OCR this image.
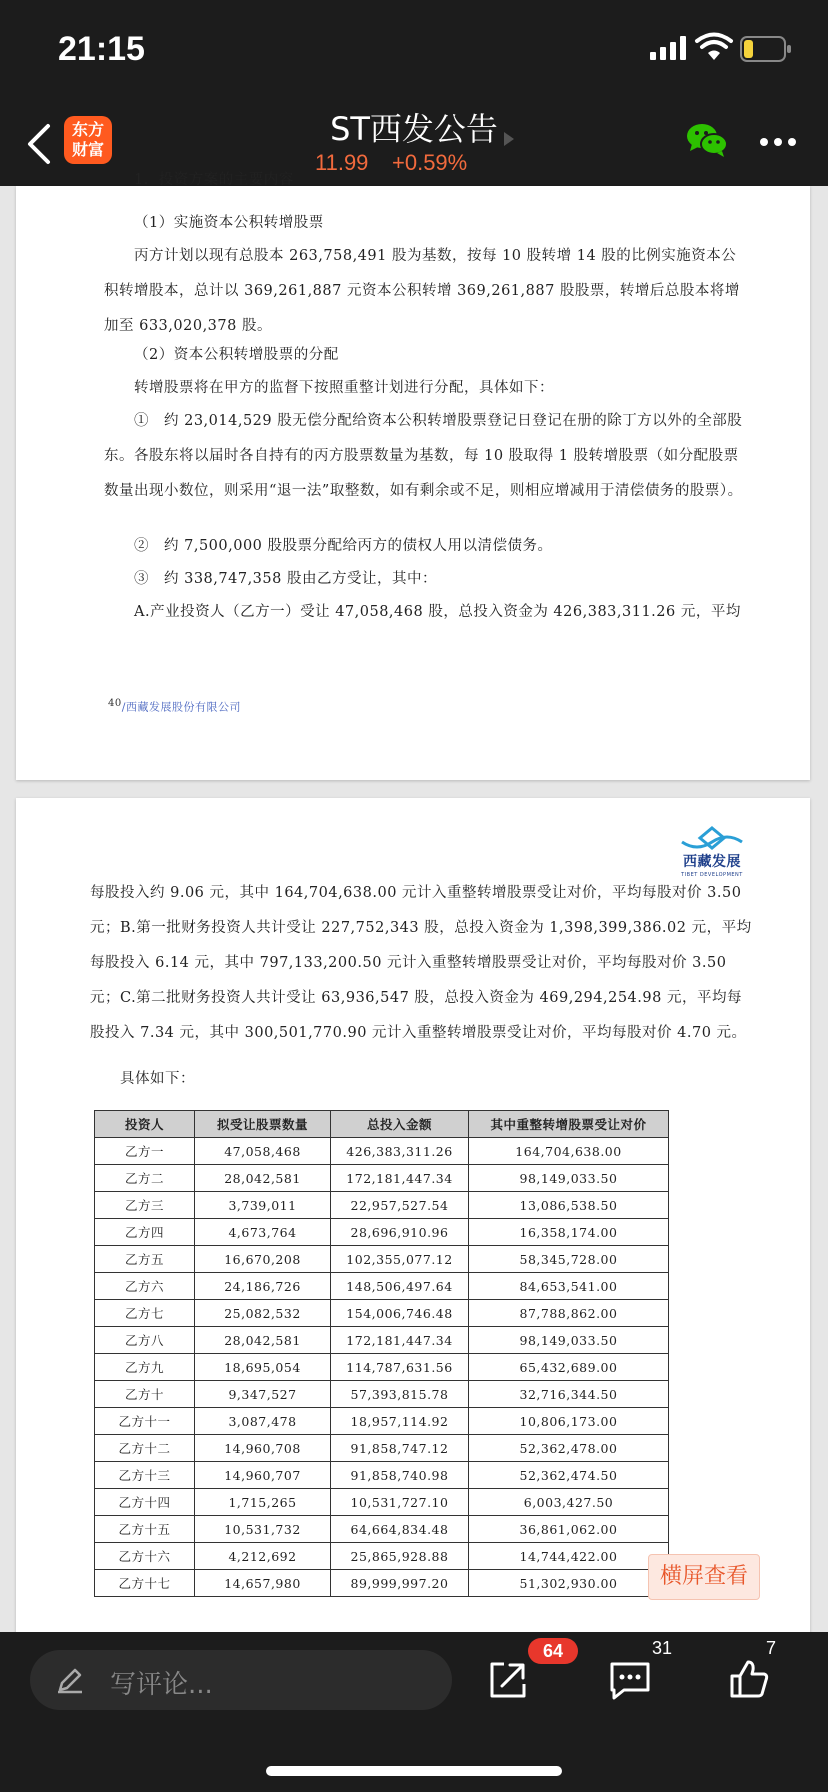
21:15
东方
财富
ST西发公告
11.99 +0.59%
1．投资方案的主要内容
（1）实施资本公积转增股票
丙方计划以现有总股本 263,758,491 股为基数，按每 10 股转增 14 股的比例实施资本公积转增股本，总计以 369,261,887 元资本公积转增 369,261,887 股股票，转增后总股本将增加至 633,020,378 股。
（2）资本公积转增股票的分配
转增股票将在甲方的监督下按照重整计划进行分配，具体如下：
①　约 23,014,529 股无偿分配给资本公积转增股票登记日登记在册的除丁方以外的全部股东。各股东将以届时各自持有的丙方股票数量为基数，每 10 股取得 1 股转增股票（如分配股票数量出现小数位，则采用“退一法”取整数，如有剩余或不足，则相应增减用于清偿债务的股票）。
②　约 7,500,000 股股票分配给丙方的债权人用以清偿债务。
③　约 338,747,358 股由乙方受让，其中：
A.产业投资人（乙方一）受让 47,058,468 股，总投入资金为 426,383,311.26 元，平均
$^{40}$/西藏发展股份有限公司
西藏发展
TIBET DEVELOPMENT
每股投入约 9.06 元，其中 164,704,638.00 元计入重整转增股票受让对价，平均每股对价 3.50 元；B.第一批财务投资人共计受让 227,752,343 股，总投入资金为 1,398,399,386.02 元，平均每股投入 6.14 元，其中 797,133,200.50 元计入重整转增股票受让对价，平均每股对价 3.50 元；C.第二批财务投资人共计受让 63,936,547 股，总投入资金为 469,294,254.98 元，平均每股投入 7.34 元，其中 300,501,770.90 元计入重整转增股票受让对价，平均每股对价 4.70 元。
具体如下：
投资人	拟受让股票数量	总投入金额	其中重整转增股票受让对价
乙方一	47,058,468	426,383,311.26	164,704,638.00
乙方二	28,042,581	172,181,447.34	98,149,033.50
乙方三	3,739,011	22,957,527.54	13,086,538.50
乙方四	4,673,764	28,696,910.96	16,358,174.00
乙方五	16,670,208	102,355,077.12	58,345,728.00
乙方六	24,186,726	148,506,497.64	84,653,541.00
乙方七	25,082,532	154,006,746.48	87,788,862.00
乙方八	28,042,581	172,181,447.34	98,149,033.50
乙方九	18,695,054	114,787,631.56	65,432,689.00
乙方十	9,347,527	57,393,815.78	32,716,344.50
乙方十一	3,087,478	18,957,114.92	10,806,173.00
乙方十二	14,960,708	91,858,747.12	52,362,478.00
乙方十三	14,960,707	91,858,740.98	52,362,474.50
乙方十四	1,715,265	10,531,727.10	6,003,427.50
乙方十五	10,531,732	64,664,834.48	36,861,062.00
乙方十六	4,212,692	25,865,928.88	14,744,422.00
乙方十七	14,657,980	89,999,997.20	51,302,930.00	横屏查看
写评论...
64	31	7
